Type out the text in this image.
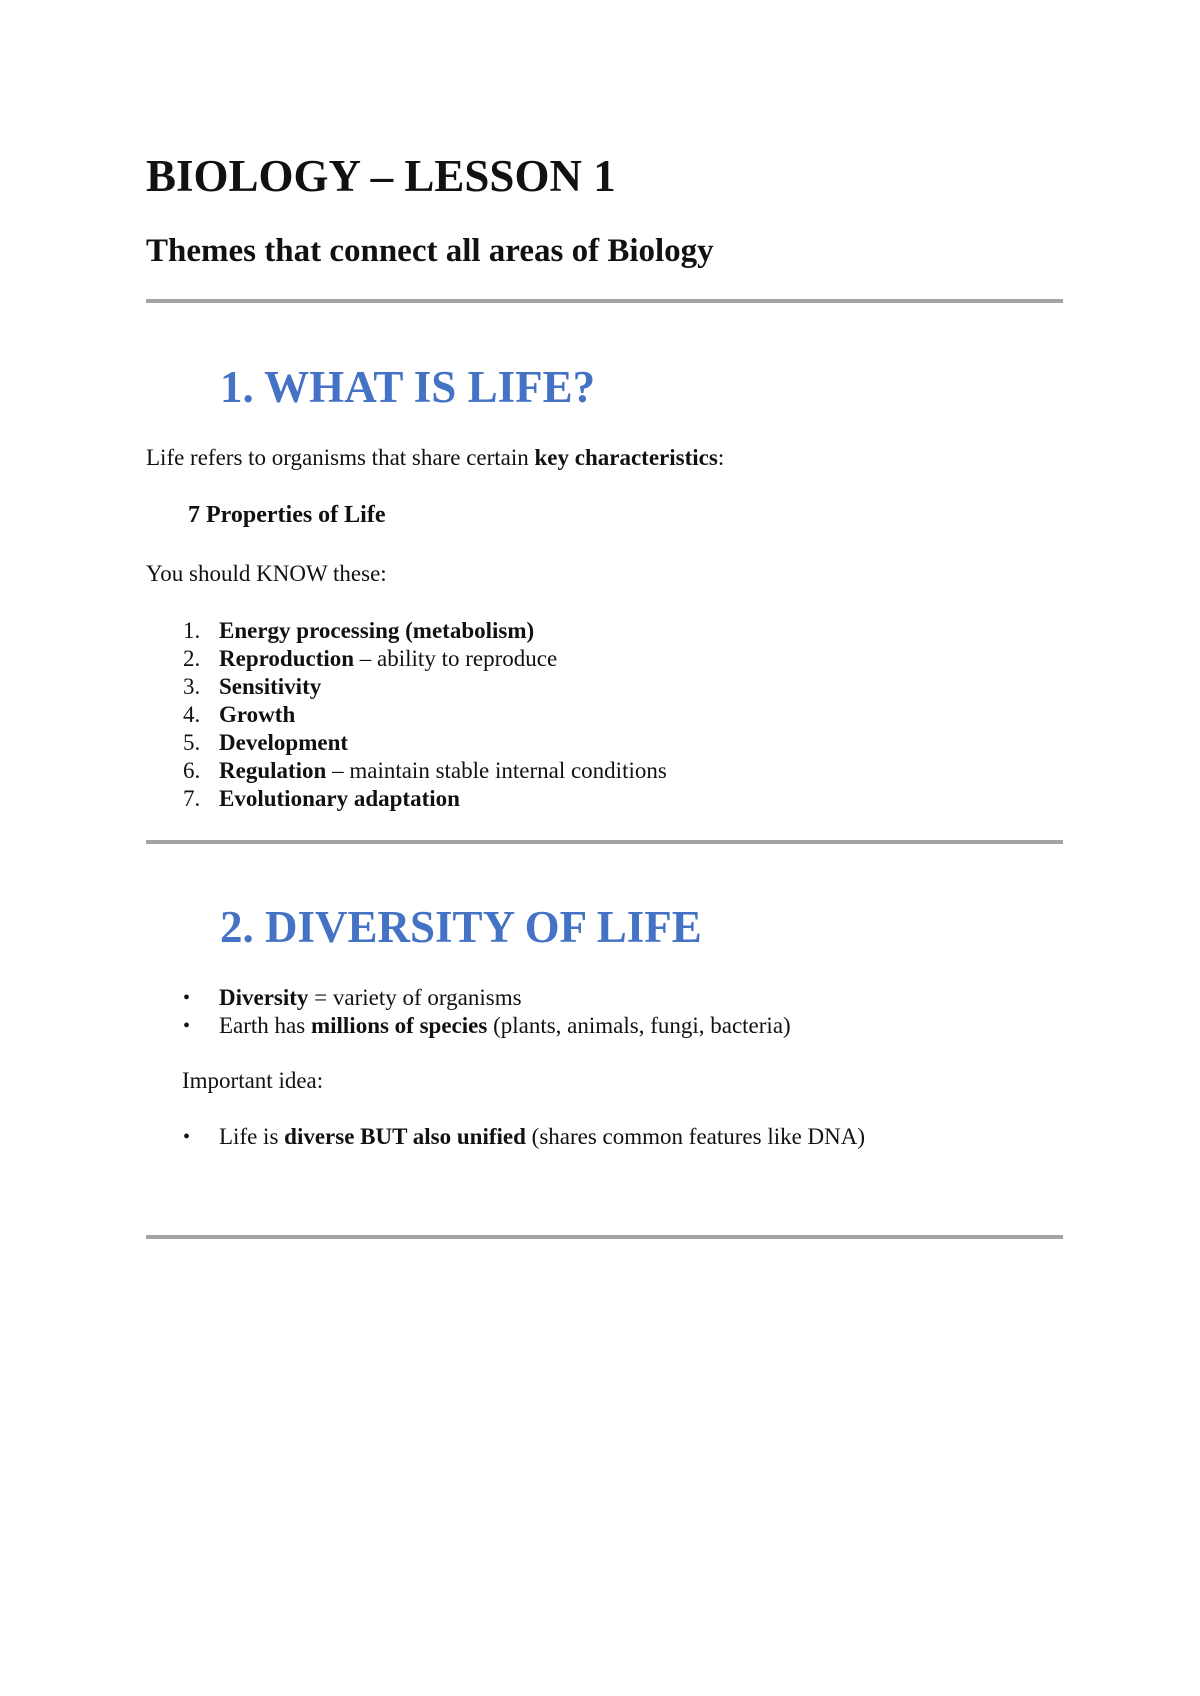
BIOLOGY – LESSON 1
Themes that connect all areas of Biology
1. WHAT IS LIFE?
Life refers to organisms that share certain key characteristics:
7 Properties of Life
You should KNOW these:
1. Energy processing (metabolism)
2. Reproduction – ability to reproduce
3. Sensitivity
4. Growth
5. Development
6. Regulation – maintain stable internal conditions
7. Evolutionary adaptation
2. DIVERSITY OF LIFE
• Diversity = variety of organisms
• Earth has millions of species (plants, animals, fungi, bacteria)
Important idea:
• Life is diverse BUT also unified (shares common features like DNA)
